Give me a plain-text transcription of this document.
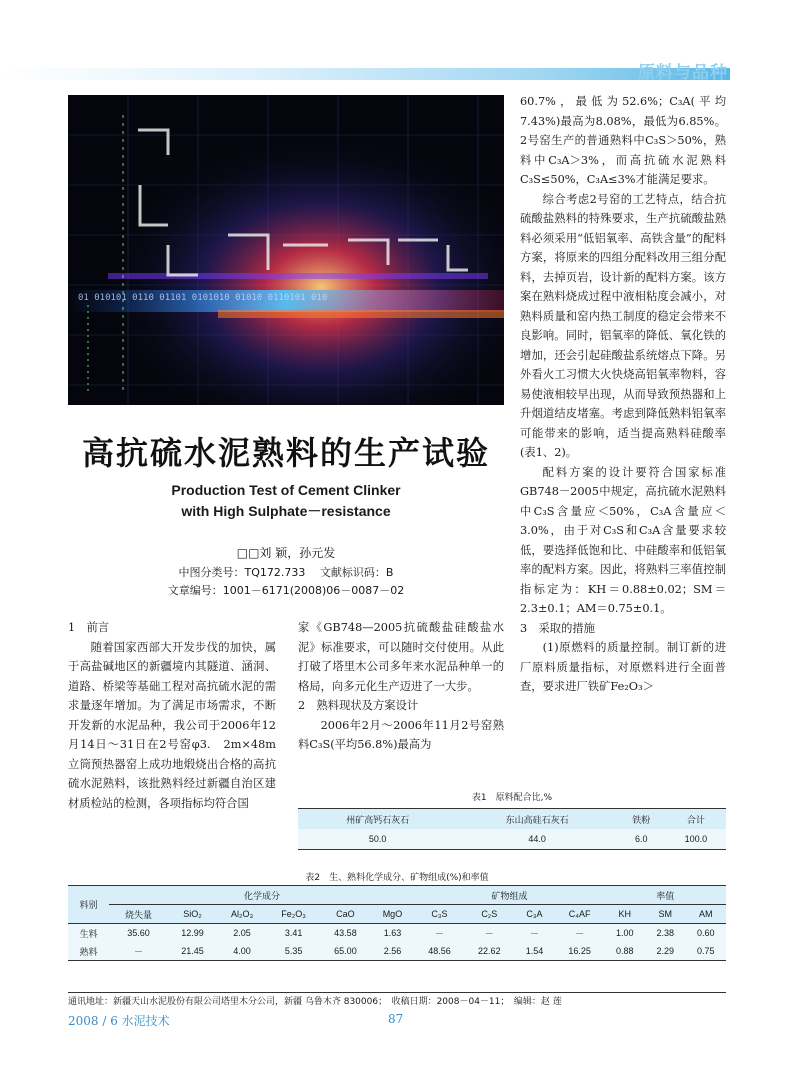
原料与品种
01 010101 0110 01101 0101010 01010 0110101 010
高抗硫水泥熟料的生产试验
Production Test of Cement Clinker
with High Sulphate－resistance
□□刘 颖，孙元发
中图分类号：TQ172.733　 文献标识码：B
文章编号：1001－6171(2008)06－0087－02

1　前言

随着国家西部大开发步伐的加快，属于高盐碱地区的新疆境内其隧道、涵洞、道路、桥梁等基础工程对高抗硫水泥的需求量逐年增加。为了满足市场需求，不断开发新的水泥品种，我公司于2006年12月14日～31日在2号窑φ3.　2m×48m立筒预热器窑上成功地煅烧出合格的高抗硫水泥熟料，该批熟料经过新疆自治区建材质检站的检测，各项指标均符合国

家《GB748—2005抗硫酸盐硅酸盐水泥》标准要求，可以随时交付使用。从此打破了塔里木公司多年来水泥品种单一的格局，向多元化生产迈进了一大步。

2　熟料现状及方案设计

2006年2月～2006年11月2号窑熟料C₃S(平均56.8%)最高为

60.7%，最低为52.6%；C₃A(平均7.43%)最高为8.08%，最低为6.85%。2号窑生产的普通熟料中C₃S＞50%，熟料中C₃A＞3%，而高抗硫水泥熟料C₃S≤50%，C₃A≤3%才能满足要求。

综合考虑2号窑的工艺特点，结合抗硫酸盐熟料的特殊要求，生产抗硫酸盐熟料必须采用“低铝氧率、高铁含量”的配料方案，将原来的四组分配料改用三组分配料，去掉页岩，设计新的配料方案。该方案在熟料烧成过程中液相粘度会减小，对熟料质量和窑内热工制度的稳定会带来不良影响。同时，铝氧率的降低、氧化铁的增加，还会引起硅酸盐系统熔点下降。另外看火工习惯大火快烧高铝氧率物料，容易使液相较早出现，从而导致预热器和上升烟道结皮堵塞。考虑到降低熟料铝氧率可能带来的影响，适当提高熟料硅酸率(表1、2)。

配料方案的设计要符合国家标准GB748－2005中规定，高抗硫水泥熟料中C₃S含量应＜50%，C₃A含量应＜3.0%，由于对C₃S和C₃A含量要求较低，要选择低饱和比、中硅酸率和低铝氧率的配料方案。因此，将熟料三率值控制指标定为：KH＝0.88±0.02；SM＝2.3±0.1；AM＝0.75±0.1。

3　采取的措施

(1)原燃料的质量控制。制订新的进厂原料质量指标，对原燃料进行全面普查，要求进厂铁矿Fe₂O₃＞

表1　原料配合比,%
州矿高钙石灰石	东山高硅石灰石	铁粉	合计
50.0	44.0	6.0	100.0
表2　生、熟料化学成分、矿物组成(%)和率值
料别	化学成分						矿物组成				率值		
	烧失量	SiO₂	Al₂O₃	Fe₂O₃	CaO	MgO	C₃S	C₂S	C₃A	C₄AF	KH	SM	AM
生料	35.60	12.99	2.05	3.41	43.58	1.63	－	－	－	－	1.00	2.38	0.60
熟料	－	21.45	4.00	5.35	65.00	2.56	48.56	22.62	1.54	16.25	0.88	2.29	0.75
通讯地址：新疆天山水泥股份有限公司塔里木分公司，新疆 乌鲁木齐 830006；　收稿日期：2008－04－11；　编辑：赵 莲
2008 / 6 水泥技术	87
